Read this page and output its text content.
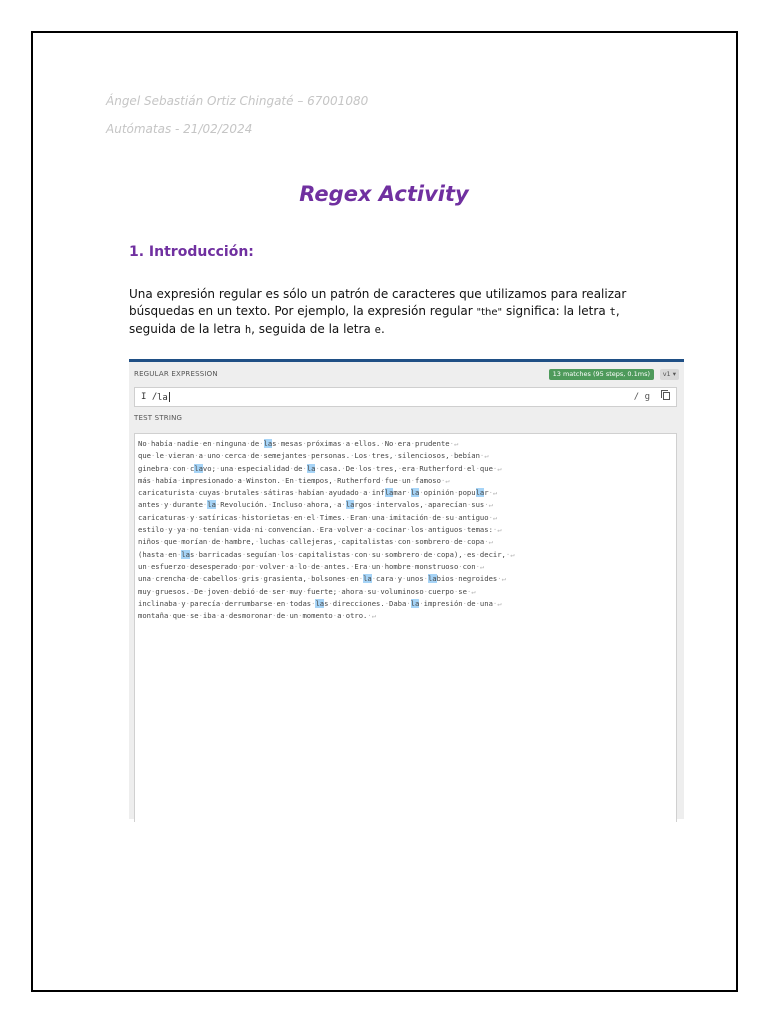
Ángel Sebastián Ortiz Chingaté – 67001080
Autómatas - 21/02/2024
Regex Activity
1. Introducción:
Una expresión regular es sólo un patrón de caracteres que utilizamos para realizar búsquedas en un texto. Por ejemplo, la expresión regular "the" significa: la letra t, seguida de la letra h, seguida de la letra e.
REGULAR EXPRESSION	13 matches (95 steps, 0.1ms)	v1 ▾
I / la	/ g
TEST STRING
No·había·nadie·en·ninguna·de·las·mesas·próximas·a·ellos.·No·era·prudente·↵
que·le·vieran·a·uno·cerca·de·semejantes·personas.·Los·tres,·silenciosos,·bebían·↵
ginebra·con·clavo;·una·especialidad·de·la·casa.·De·los·tres,·era·Rutherford·el·que·↵
más·había·impresionado·a·Winston.·En·tiempos,·Rutherford·fue·un·famoso·↵
caricaturista·cuyas·brutales·sátiras·habían·ayudado·a·inflamar·la·opinión·popular·↵
antes·y·durante·la·Revolución.·Incluso·ahora,·a·largos·intervalos,·aparecían·sus·↵
caricaturas·y·satíricas·historietas·en·el·Times.·Eran·una·imitación·de·su·antiguo·↵
estilo·y·ya·no·tenían·vida·ni·convencían.·Era·volver·a·cocinar·los·antiguos·temas:·↵
niños·que·morían·de·hambre,·luchas·callejeras,·capitalistas·con·sombrero·de·copa·↵
(hasta·en·las·barricadas·seguían·los·capitalistas·con·su·sombrero·de·copa),·es·decir,·↵
un·esfuerzo·desesperado·por·volver·a·lo·de·antes.·Era·un·hombre·monstruoso·con·↵
una·crencha·de·cabellos·gris·grasienta,·bolsones·en·la·cara·y·unos·labios·negroides·↵
muy·gruesos.·De·joven·debió·de·ser·muy·fuerte;·ahora·su·voluminoso·cuerpo·se·↵
inclinaba·y·parecía·derrumbarse·en·todas·las·direcciones.·Daba·la·impresión·de·una·↵
montaña·que·se·iba·a·desmoronar·de·un·momento·a·otro.·↵
